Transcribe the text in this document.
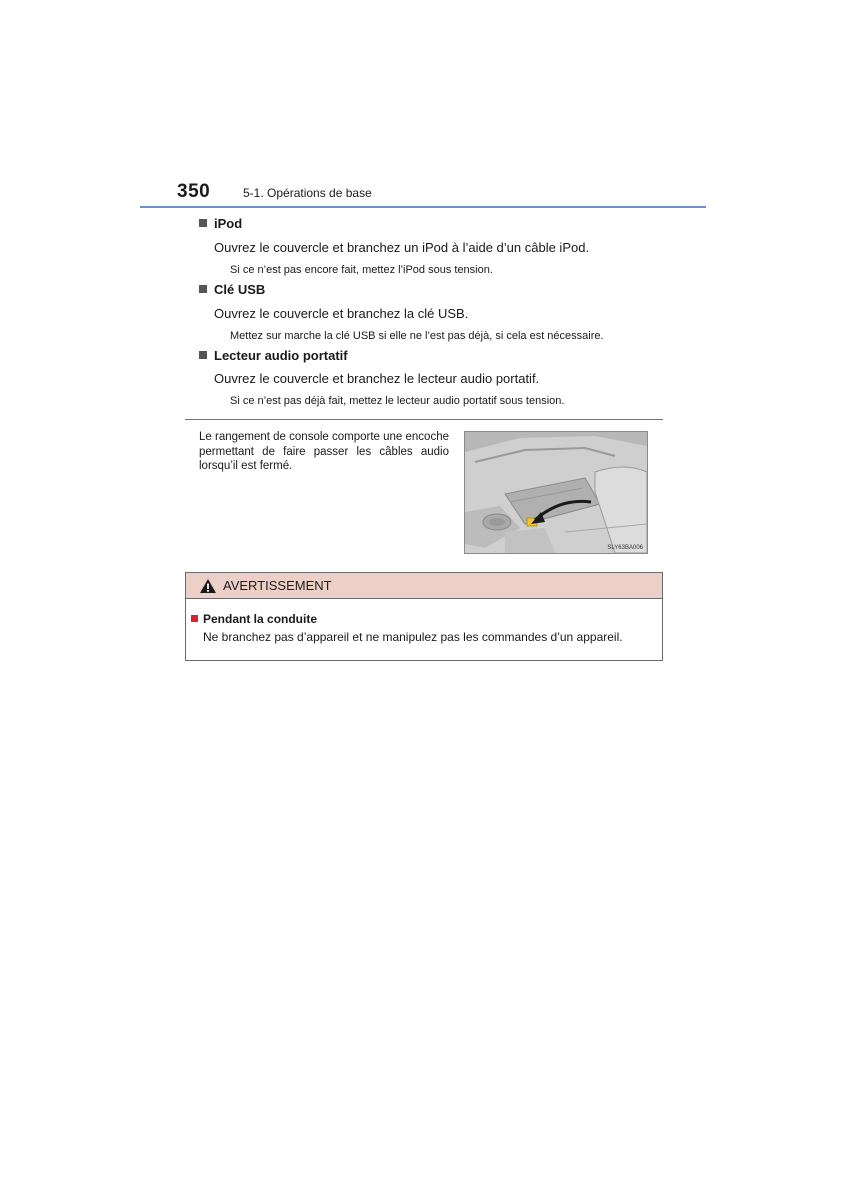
350	5-1. Opérations de base
iPod
Ouvrez le couvercle et branchez un iPod à l’aide d’un câble iPod.
Si ce n’est pas encore fait, mettez l’iPod sous tension.
Clé USB
Ouvrez le couvercle et branchez la clé USB.
Mettez sur marche la clé USB si elle ne l’est pas déjà, si cela est nécessaire.
Lecteur audio portatif
Ouvrez le couvercle et branchez le lecteur audio portatif.
Si ce n’est pas déjà fait, mettez le lecteur audio portatif sous tension.
Le rangement de console comporte une encoche permettant de faire passer les câbles audio lorsqu’il est fermé.
SLY63BA006
AVERTISSEMENT
Pendant la conduite
Ne branchez pas d’appareil et ne manipulez pas les commandes d’un appareil.
